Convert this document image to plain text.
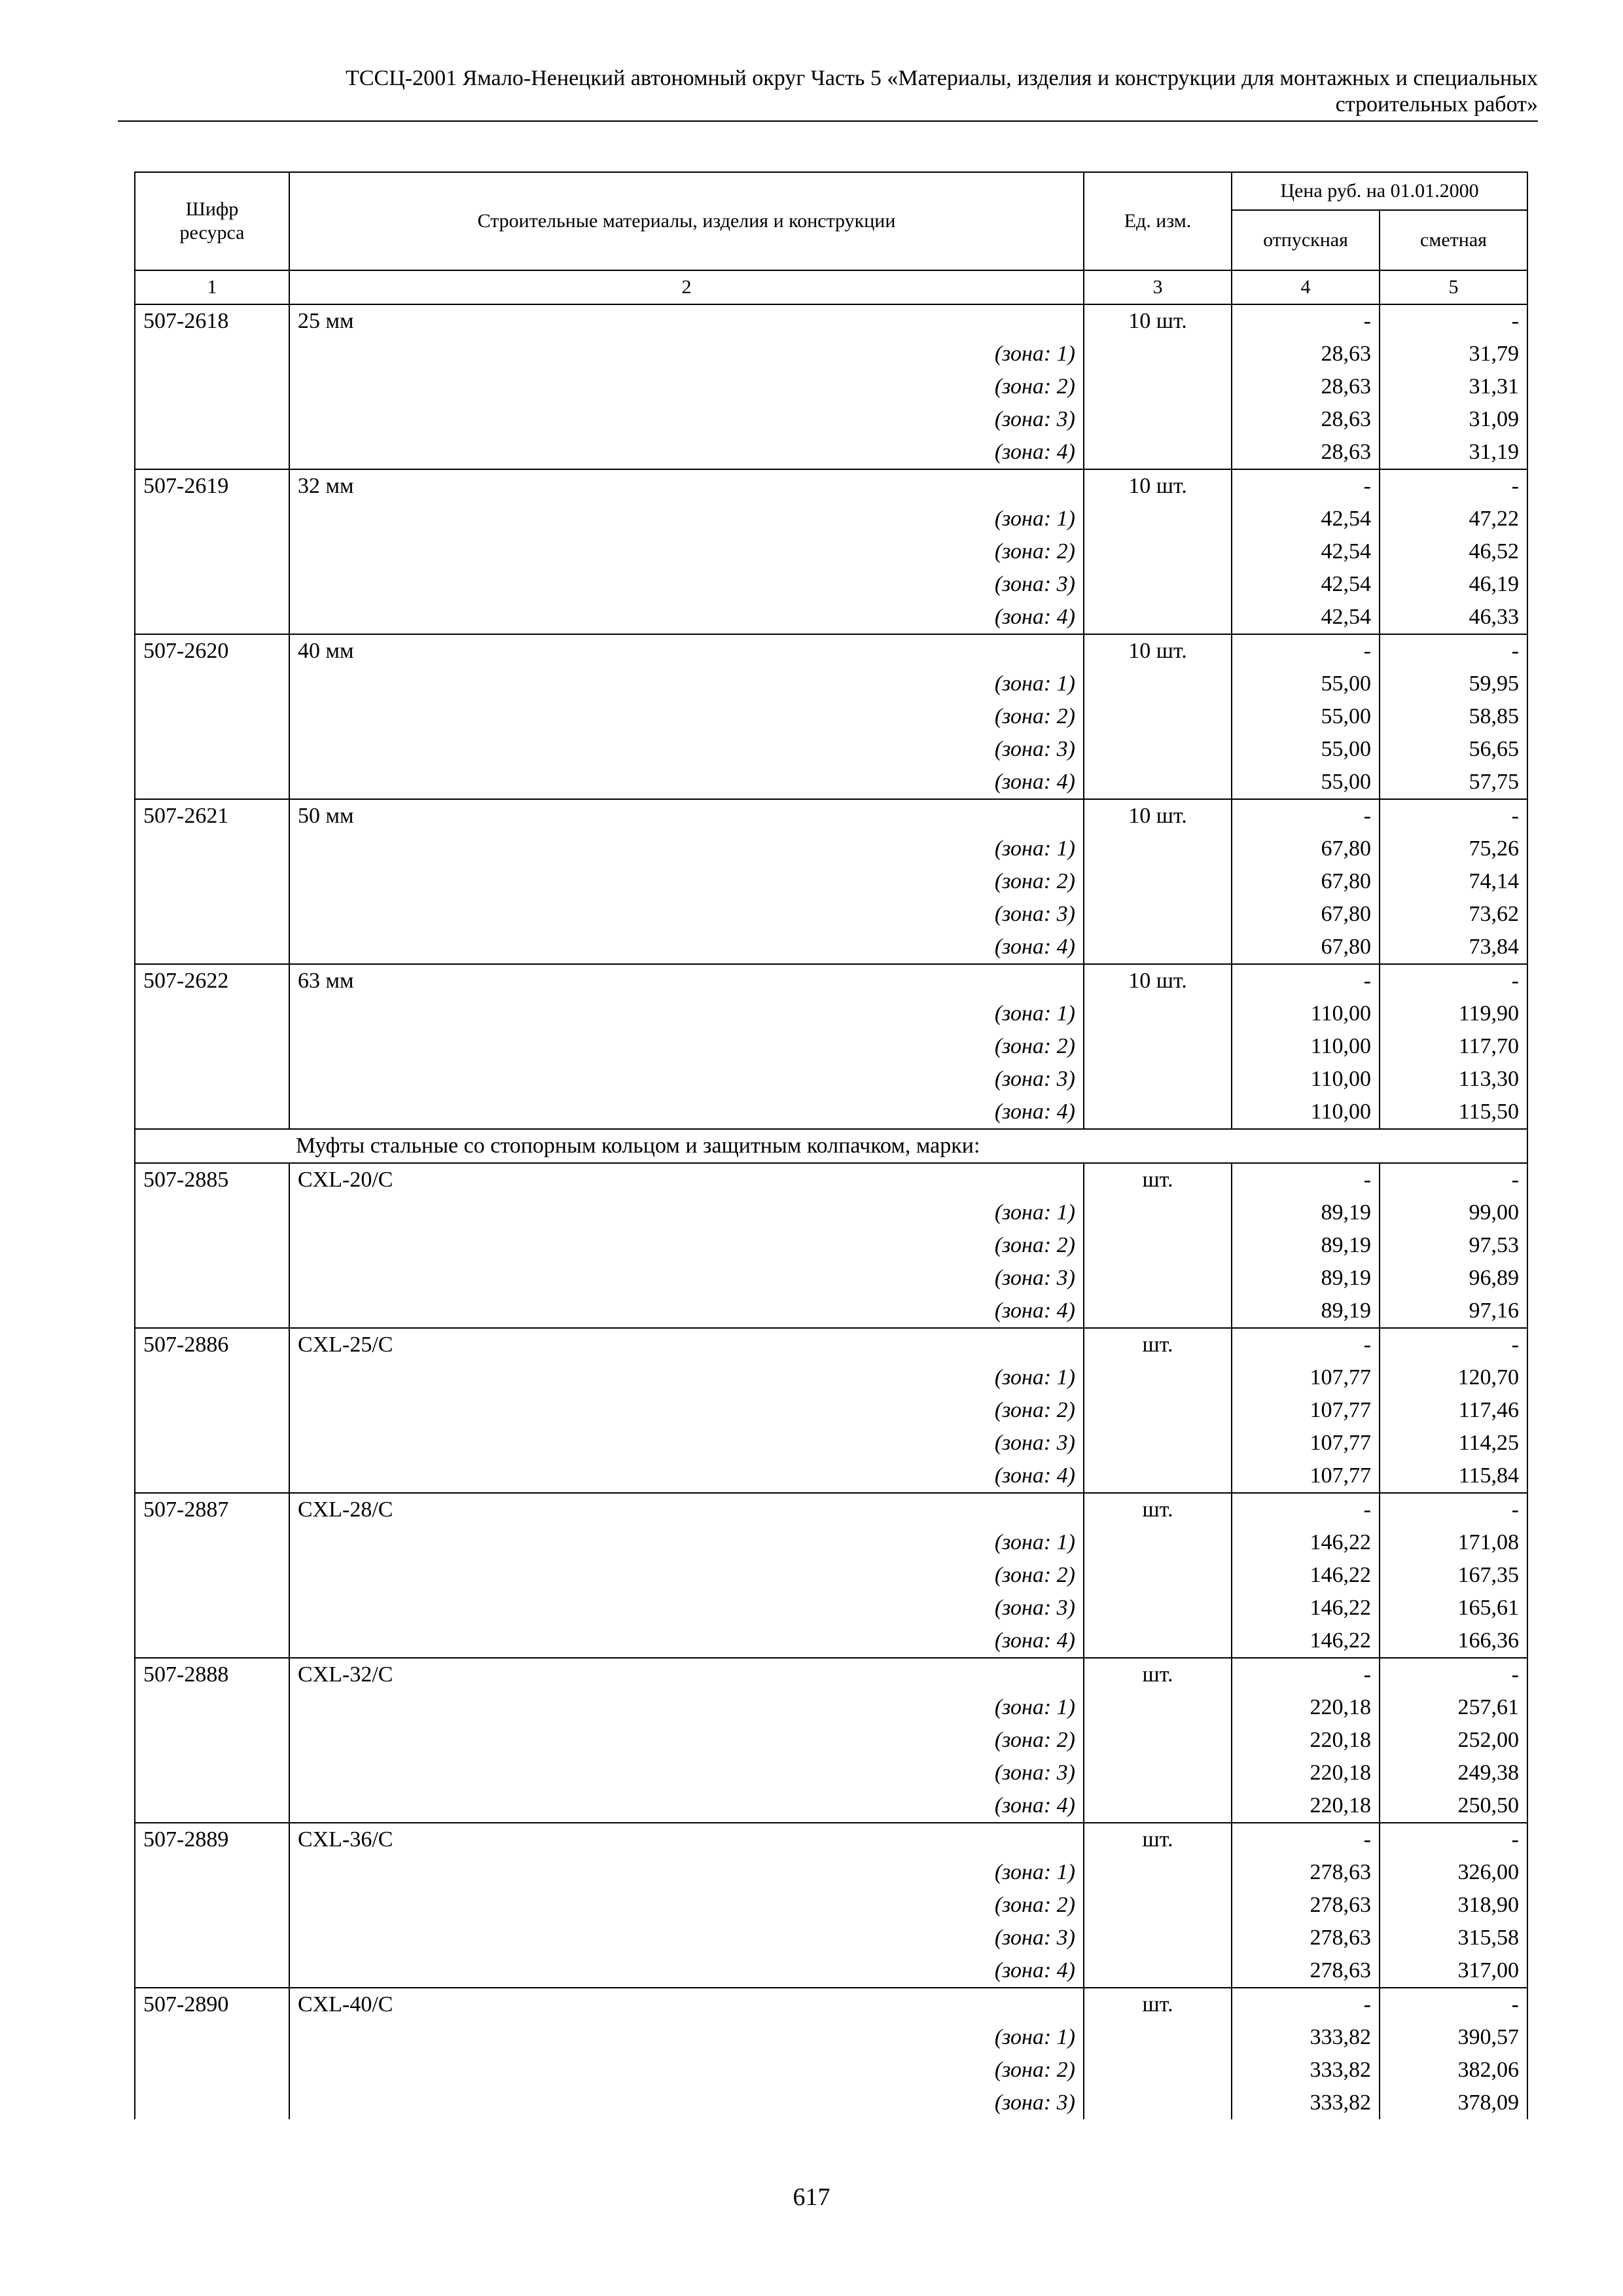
ТССЦ-2001 Ямало-Ненецкий автономный округ Часть 5 «Материалы, изделия и конструкции для монтажных и специальных
строительных работ»
Шифр ресурса	Строительные материалы, изделия и конструкции	Ед. изм.	Цена руб. на 01.01.2000	
			отпускная	сметная
1	2	3	4	5
507-2618	25 мм	10 шт.	-	-
	(зона: 1)		28,63	31,79
	(зона: 2)		28,63	31,31
	(зона: 3)		28,63	31,09
	(зона: 4)		28,63	31,19
507-2619	32 мм	10 шт.	-	-
	(зона: 1)		42,54	47,22
	(зона: 2)		42,54	46,52
	(зона: 3)		42,54	46,19
	(зона: 4)		42,54	46,33
507-2620	40 мм	10 шт.	-	-
	(зона: 1)		55,00	59,95
	(зона: 2)		55,00	58,85
	(зона: 3)		55,00	56,65
	(зона: 4)		55,00	57,75
507-2621	50 мм	10 шт.	-	-
	(зона: 1)		67,80	75,26
	(зона: 2)		67,80	74,14
	(зона: 3)		67,80	73,62
	(зона: 4)		67,80	73,84
507-2622	63 мм	10 шт.	-	-
	(зона: 1)		110,00	119,90
	(зона: 2)		110,00	117,70
	(зона: 3)		110,00	113,30
	(зона: 4)		110,00	115,50
Муфты стальные со стопорным кольцом и защитным колпачком, марки:				
507-2885	CXL-20/C	шт.	-	-
	(зона: 1)		89,19	99,00
	(зона: 2)		89,19	97,53
	(зона: 3)		89,19	96,89
	(зона: 4)		89,19	97,16
507-2886	CXL-25/C	шт.	-	-
	(зона: 1)		107,77	120,70
	(зона: 2)		107,77	117,46
	(зона: 3)		107,77	114,25
	(зона: 4)		107,77	115,84
507-2887	CXL-28/C	шт.	-	-
	(зона: 1)		146,22	171,08
	(зона: 2)		146,22	167,35
	(зона: 3)		146,22	165,61
	(зона: 4)		146,22	166,36
507-2888	CXL-32/C	шт.	-	-
	(зона: 1)		220,18	257,61
	(зона: 2)		220,18	252,00
	(зона: 3)		220,18	249,38
	(зона: 4)		220,18	250,50
507-2889	CXL-36/C	шт.	-	-
	(зона: 1)		278,63	326,00
	(зона: 2)		278,63	318,90
	(зона: 3)		278,63	315,58
	(зона: 4)		278,63	317,00
507-2890	CXL-40/C	шт.	-	-
	(зона: 1)		333,82	390,57
	(зона: 2)		333,82	382,06
	(зона: 3)		333,82	378,09
617
